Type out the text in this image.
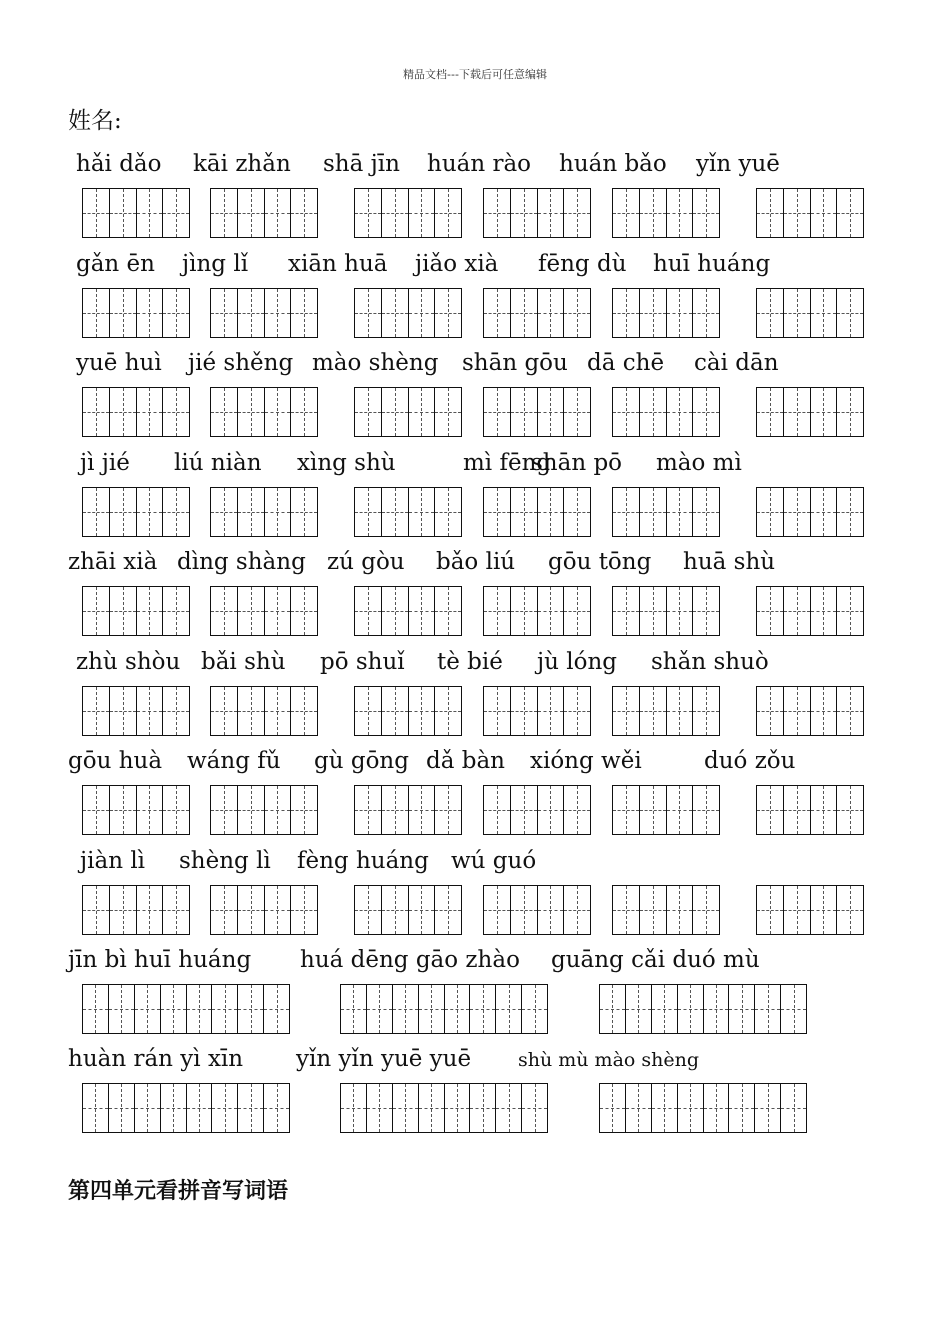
精品文档---下载后可任意编辑
姓名:
hǎi dǎo kāi zhǎn shā jīn huán rào huán bǎo yǐn yuē
gǎn ēn jìng lǐ xiān huā jiǎo xià fēng dù huī huáng
yuē huì jié shěng mào shèng shān gōu dā chē cài dān
jì jié liú niàn xìng shù	mì fēng
shān pō mào mì
zhāi xià dìng shàng zú gòu bǎo liú gōu tōng huā shù
zhù shòu bǎi shù pō shuǐ tè bié jù lóng shǎn shuò
gōu huà wáng fǔ gù gōng dǎ bàn xióng wěi	duó zǒu
jiàn lì shèng lì fèng huáng wú guó
jīn bì huī huáng huá dēng gāo zhào guāng cǎi duó mù
huàn rán yì xīn yǐn yǐn yuē yuē shù mù mào shèng
第四单元看拼音写词语
